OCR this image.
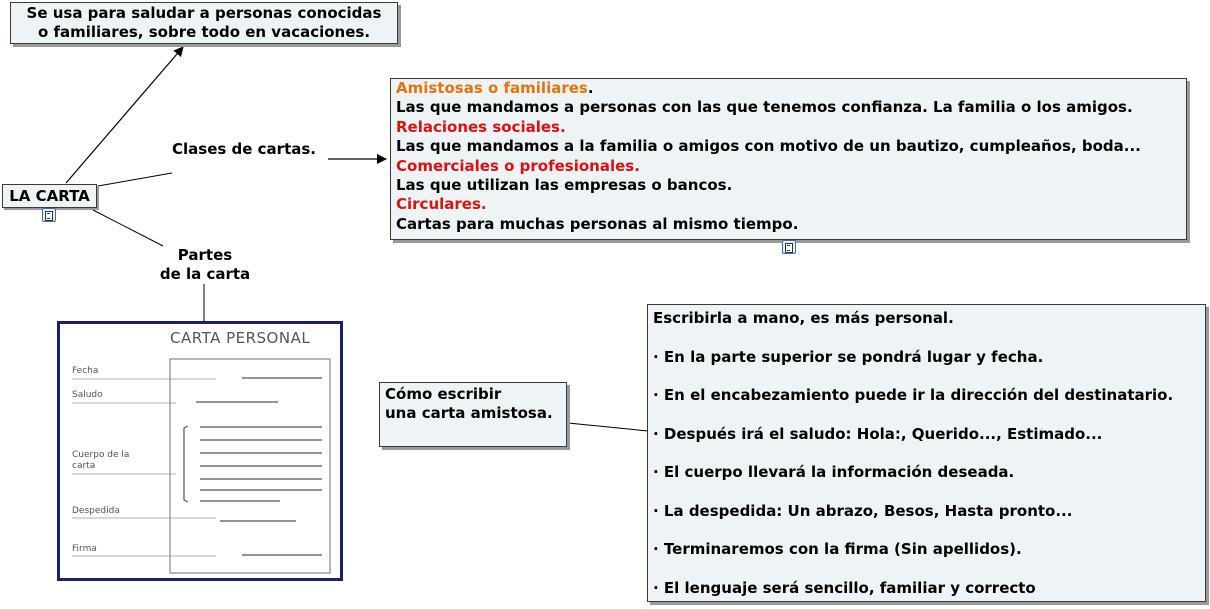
Se usa para saludar a personas conocidas
o familiares, sobre todo en vacaciones.
LA CARTA
Clases de cartas.
Partes
de la carta
Amistosas o familiares.
Las que mandamos a personas con las que tenemos confianza. La familia o los amigos.
Relaciones sociales.
Las que mandamos a la familia o amigos con motivo de un bautizo, cumpleaños, boda...
Comerciales o profesionales.
Las que utilizan las empresas o bancos.
Circulares.
Cartas para muchas personas al mismo tiempo.
CARTA PERSONAL
Fecha
Saludo
Cuerpo de la carta
Despedida
Firma
Cómo escribir
una carta amistosa.
Escribirla a mano, es más personal.
· En la parte superior se pondrá lugar y fecha.
· En el encabezamiento puede ir la dirección del destinatario.
· Después irá el saludo: Hola:, Querido..., Estimado...
· El cuerpo llevará la información deseada.
· La despedida: Un abrazo, Besos, Hasta pronto...
· Terminaremos con la firma (Sin apellidos).
· El lenguaje será sencillo, familiar y correcto
